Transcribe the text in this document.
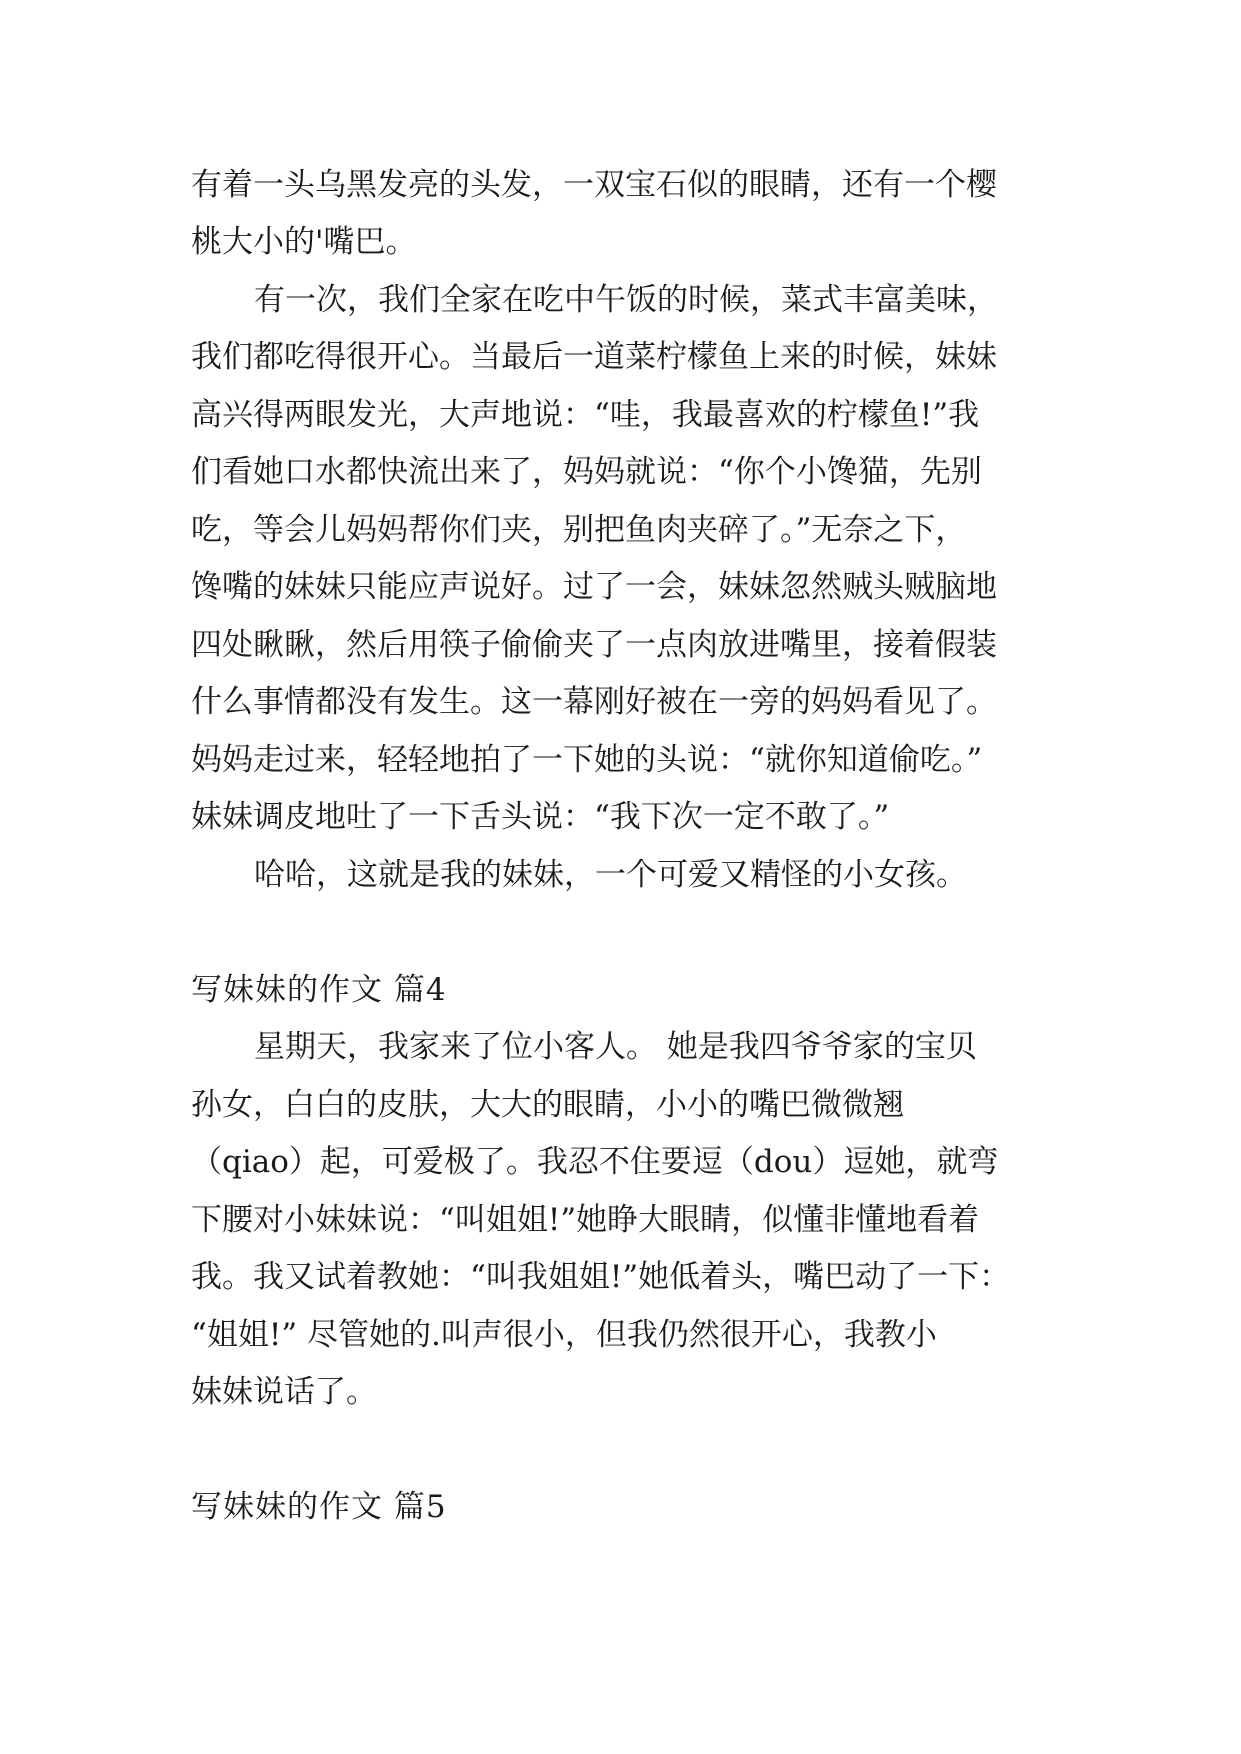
有着一头乌黑发亮的头发，一双宝石似的眼睛，还有一个樱
桃大小的'嘴巴。
有一次，我们全家在吃中午饭的时候，菜式丰富美味，
我们都吃得很开心。当最后一道菜柠檬鱼上来的时候，妹妹
高兴得两眼发光，大声地说：“哇，我最喜欢的柠檬鱼!”我
们看她口水都快流出来了，妈妈就说：“你个小馋猫，先别
吃，等会儿妈妈帮你们夹，别把鱼肉夹碎了。”无奈之下，
馋嘴的妹妹只能应声说好。过了一会，妹妹忽然贼头贼脑地
四处瞅瞅，然后用筷子偷偷夹了一点肉放进嘴里，接着假装
什么事情都没有发生。这一幕刚好被在一旁的妈妈看见了。
妈妈走过来，轻轻地拍了一下她的头说：“就你知道偷吃。”
妹妹调皮地吐了一下舌头说：“我下次一定不敢了。”
哈哈，这就是我的妹妹，一个可爱又精怪的小女孩。
写妹妹的作文 篇4
星期天，我家来了位小客人。 她是我四爷爷家的宝贝
孙女，白白的皮肤，大大的眼睛，小小的嘴巴微微翘
（qiao）起，可爱极了。我忍不住要逗（dou）逗她，就弯
下腰对小妹妹说：“叫姐姐!”她睁大眼睛，似懂非懂地看着
我。我又试着教她：“叫我姐姐!”她低着头，嘴巴动了一下：
“姐姐!” 尽管她的.叫声很小，但我仍然很开心，我教小
妹妹说话了。
写妹妹的作文 篇5
